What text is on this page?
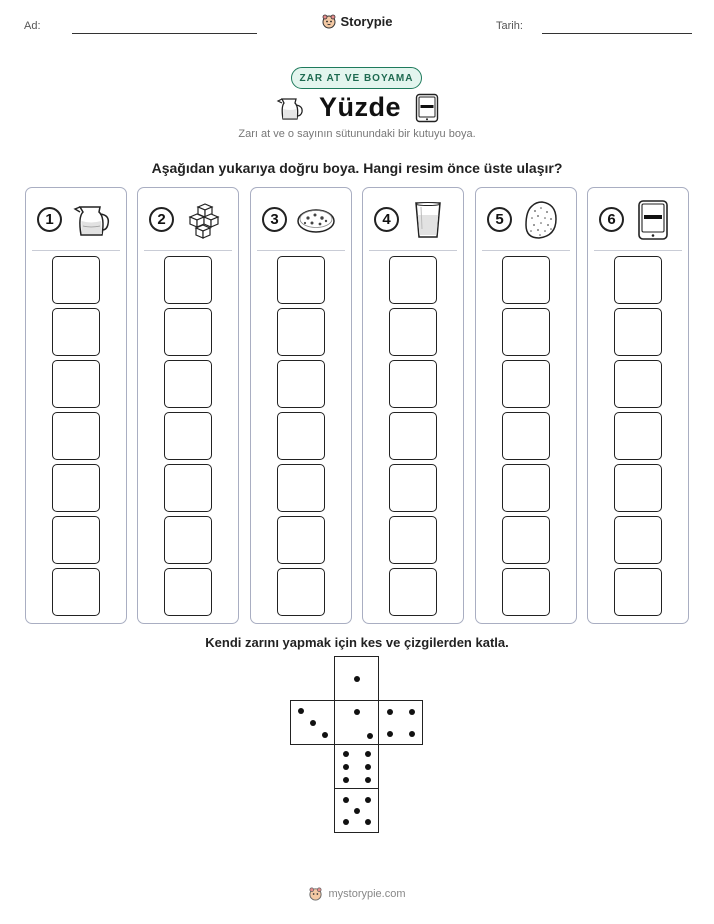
Ad:	Tarih:
Storypie
ZAR AT VE BOYAMA
Yüzde
Zarı at ve o sayının sütunundaki bir kutuyu boya.
Aşağıdan yukarıya doğru boya. Hangi resim önce üste ulaşır?
1	2	3	4	5	6
Kendi zarını yapmak için kes ve çizgilerden katla.
mystorypie.com
